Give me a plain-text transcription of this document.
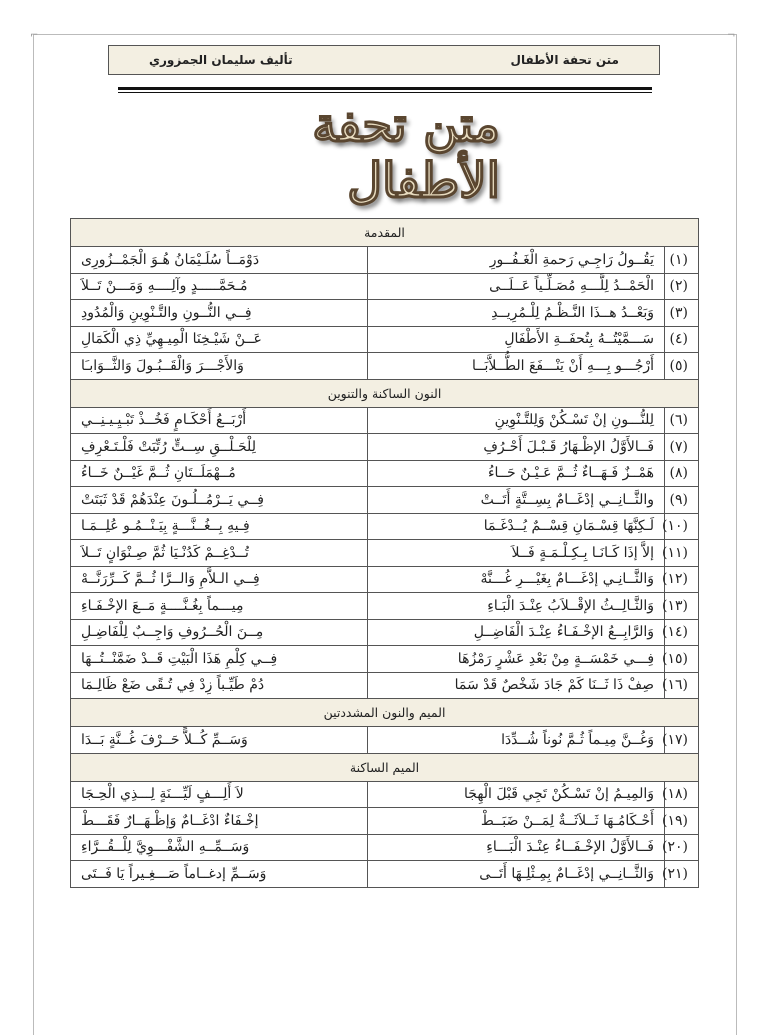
⌐	¬
متن تحفة الأطفال
تأليف سليمان الجمزوري
متن تحفة الأطفال
المقدمة		
(١)	يَقُــولُ رَاجِـي رَحمةِ الْغَـفُــورِ	دَوْمَــاً سُلَـيْمَانُ هُـوَ الْجَمْــزُورِى
(٢)	الْحَمْــدُ لِلَّـــهِ مُصَـلِّـياً عَــلَــى	مُـحَمَّـــــدٍ وآلِــــهِ وَمَـــنْ تَــلاَ
(٣)	وَبَعْــدُ هــذَا النَّـظْـمُ لِلْـمُرِيــدِ	فِــي النُّــونِ والتَّـنْوِينِ وَالْمُدُودِ
(٤)	سَـــمَّيْتُــهُ بِتُحفَــةِ الأَطْفَالِ	عَــنْ شَيْـخِنَا الْمِيـهِيِّ ذِي الْكَمَالِ
(٥)	أَرْجُـــو بِـــهِ أَنْ يَنْـــفَعَ الطُّــلاَّبَــا	وَالأَجْـــرَ وَالْقَــبُـولَ وَالثَّــوَابـَا
النون الساكنة والتنوين		
(٦)	لِلنُّـــونِ إنْ تَسْـكُنْ وَلِلتَّـنْوِينِ	أَرْبَــعُ أَحْكَـامٍ فَخُــذْ تَبْـيِـيـنِــي
(٧)	فَــالأَوَّلُ الإظْـهَارُ قَـبْـلَ أَحْـرُفِ	لِلْحَـلْــقِ سِــتٍّ رُتِّبَتْ فَلْـتَـعْرِفِ
(٨)	هَمْــزٌ فَـهَــاءٌ ثُــمَّ عَـيْـنٌ حَــاءُ	مُــهْمَلَــتَانِ ثُــمَّ غَيْــنٌ خَــاءُ
(٩)	والثَّــانِــي إدْغَــامٌ بِسِــتَّةٍ أَتَــتْ	فِــي يَــرْمُــلُـونَ عِنْدَهُمْ قَدْ ثَبَتَتْ
(١٠)	لَـكِنَّهَا قِسْـمَانِ قِسْــمٌ يُــدْغَـمَا	فِـيهِ بِــغُــنَّـــةٍ بِيَـنْــمُـو عُلِــمَـا
(١١)	إلاَّ إذَا كَـانَـا بِـكِـلْـمَـةٍ فَــلاَ	تُــدْغِــمْ كَدُنْـيَا ثُمَّ صِـنْوَانٍ تَــلاَ
(١٢)	وَالثَّــانِـي إدْغَـــامٌ بِغَيْـــرِ غُـــنَّهْ	فِــي الـلاَّمِ وَالــرَّا ثُــمَّ كَــرِّرَنَّــهْ
(١٣)	وَالثَّـالِــثُ الإقْــلاَبُ عِنْـدَ الْبَـاءِ	مِيـــماً بِغُـنَّــــةٍ مَــعَ الإخْـفَـاءِ
(١٤)	وَالرَّابِــعُ الإخْـفَـاءُ عِنْـدَ الْفَاضِــلِ	مِــنَ الْحُــرُوفِ وَاجِــبٌ لِلْفَاضِـلِ
(١٥)	فِـــي خَمْسَــةٍ مِنْ بَعْدِ عَشْرٍ رَمْزُهَا	فِــي كِلْمِ هَذَا الْبَيْتِ قَــدْ ضَمَّنْــتُــهَا
(١٦)	صِفْ ذَا ثَــنَا كَمْ جَادَ شَخْصٌ قَدْ سَمَا	دُمْ طَيِّـباً زِدْ فِي تُـقًى ضَعْ ظَالِـمَا
الميم والنون المشددتين		
(١٧)	وَغُــنَّ مِيـماً ثُـمَّ نُوناً شُــدِّدَا	وَسَــمِّ كُــلاًّ حَــرْفَ غُــنَّةٍ بَــدَا
الميم الساكنة		
(١٨)	وَالمِيـمُ إنْ تَسْـكُنْ تَجِي قَبْلَ الْهِجَا	لاَ أَلِـــفٍ لَيِّـــنَةٍ لِـــذِي الْحِـجَا
(١٩)	أَحْـكَامُـهَا ثَــلاَثَــةٌ لِمَــنْ ضَبَــطْ	إخْـفَاءٌ ادْغَــامٌ وَإظْـهَــارٌ فَقَـــطْ
(٢٠)	فَــالأَوَّلُ الإخْـفَــاءُ عِنْـدَ الْبَـــاءِ	وَسَــمِّــهِ الشَّفْـــوِيَّ لِلْــقُــرَّاءِ
(٢١)	وَالثَّــانِــي إدْغَــامٌ بِمِـثْلِـهَا أَتَــى	وَسَــمِّ إدغــاماً صَـــغِـيراً يَا فَــتَى
